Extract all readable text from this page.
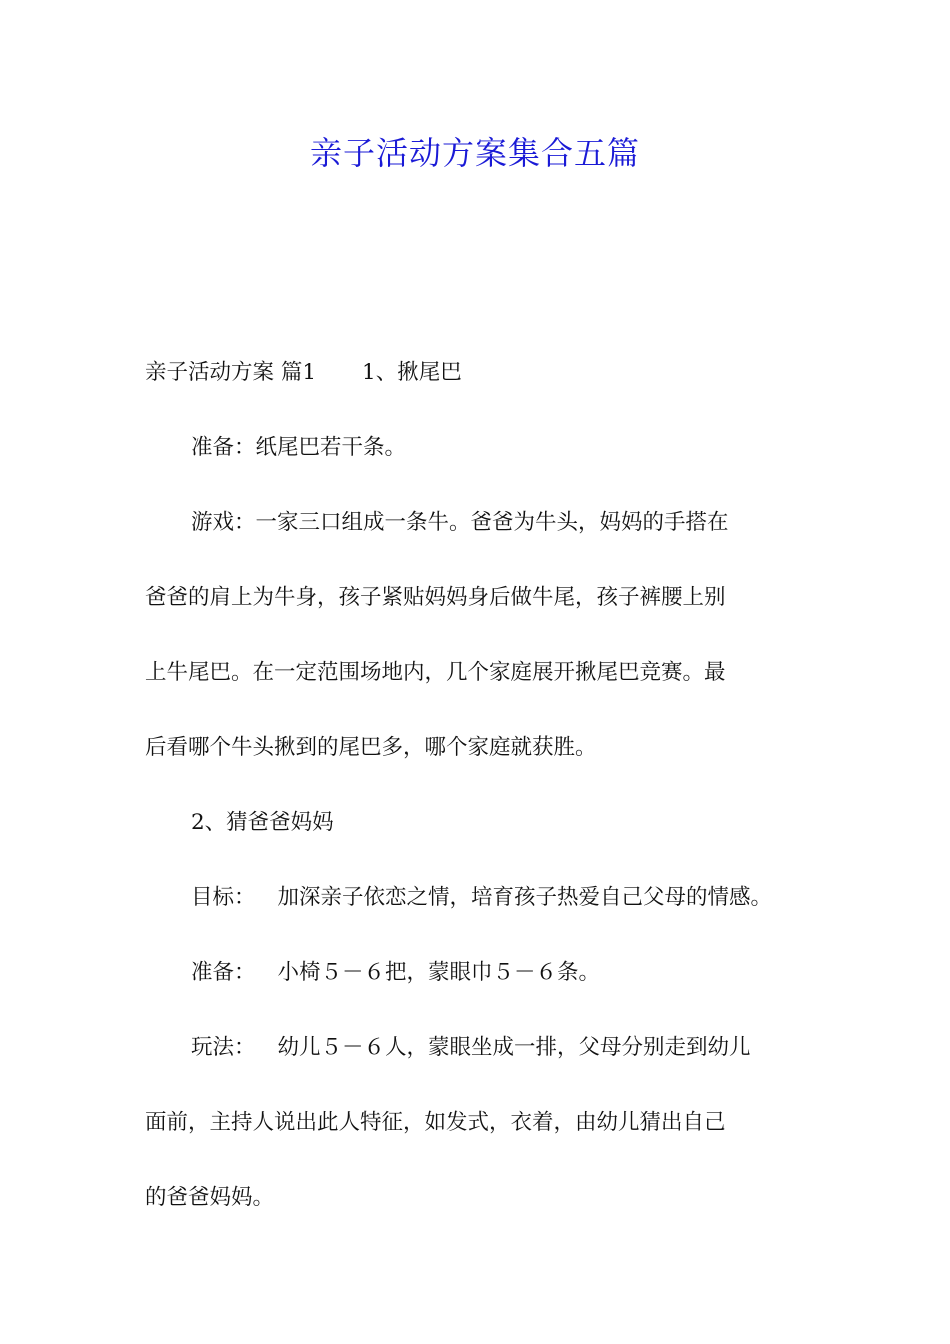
亲子活动方案集合五篇

亲子活动方案 篇1 1、揪尾巴

准备：纸尾巴若干条。

游戏：一家三口组成一条牛。爸爸为牛头，妈妈的手搭在

爸爸的肩上为牛身，孩子紧贴妈妈身后做牛尾，孩子裤腰上别

上牛尾巴。在一定范围场地内，几个家庭展开揪尾巴竞赛。最

后看哪个牛头揪到的尾巴多，哪个家庭就获胜。

2、猜爸爸妈妈

目标： 加深亲子依恋之情，培育孩子热爱自己父母的情感。

准备： 小椅５－６把，蒙眼巾５－６条。

玩法： 幼儿５－６人，蒙眼坐成一排，父母分别走到幼儿

面前，主持人说出此人特征，如发式，衣着，由幼儿猜出自己

的爸爸妈妈。
